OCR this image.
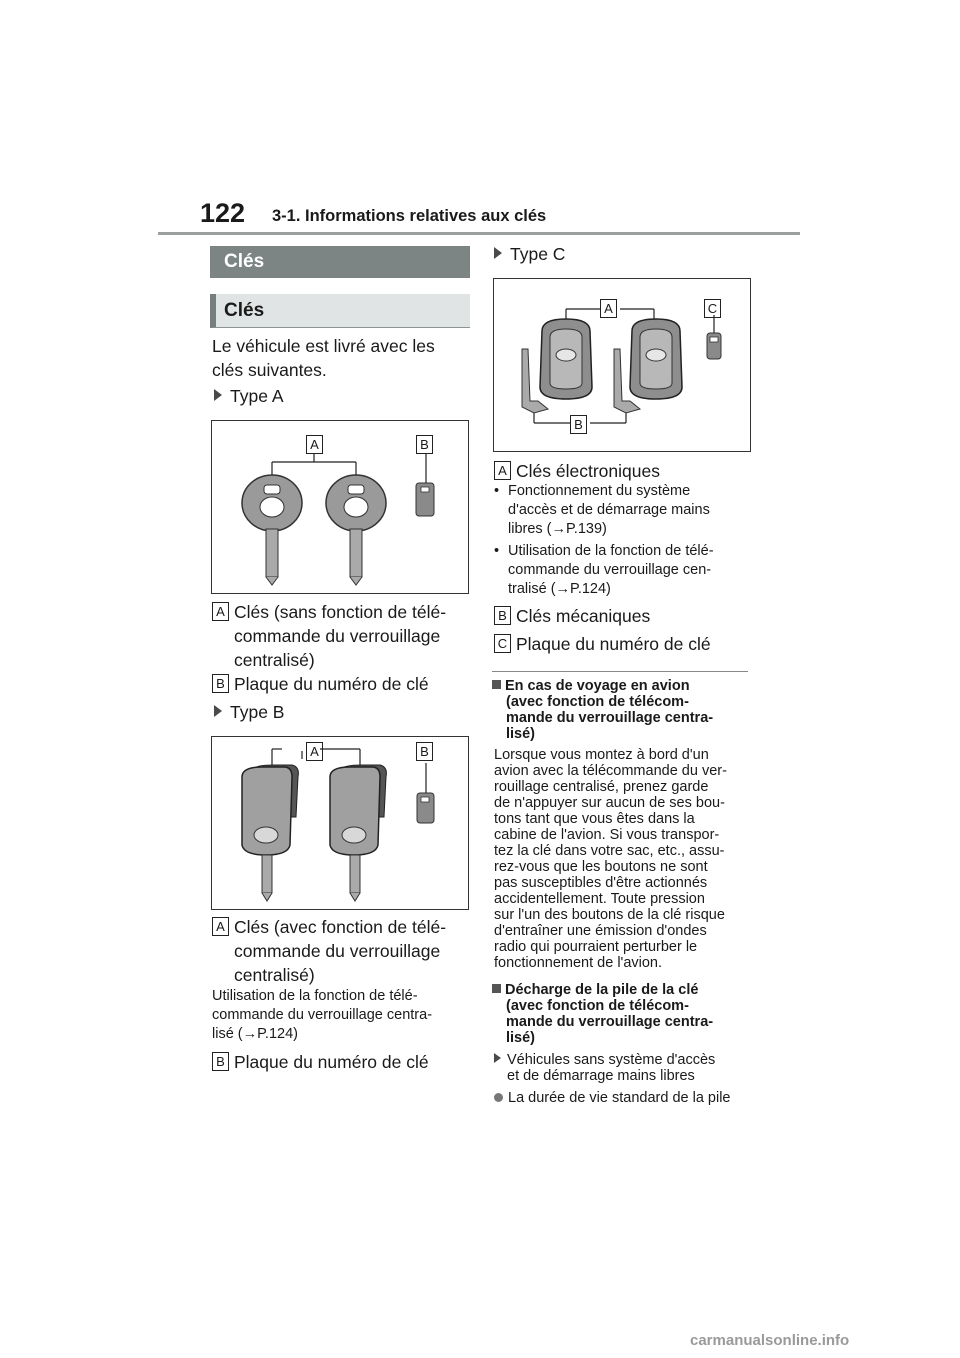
122 3-1. Informations relatives aux clés
Clés
Clés
Le véhicule est livré avec les
clés suivantes.
Type A
A	B
A Clés (sans fonction de télé-
commande du verrouillage
centralisé)
B Plaque du numéro de clé
Type B
A	B
A Clés (avec fonction de télé-
commande du verrouillage
centralisé)
Utilisation de la fonction de télé-
commande du verrouillage centra-
lisé (→P.124)
B Plaque du numéro de clé
Type C
A
B
C
A Clés électroniques
• Fonctionnement du système
d'accès et de démarrage mains
libres (→P.139)
• Utilisation de la fonction de télé-
commande du verrouillage cen-
tralisé (→P.124)
B Clés mécaniques
C Plaque du numéro de clé
En cas de voyage en avion
(avec fonction de télécom-
mande du verrouillage centra-
lisé)
Lorsque vous montez à bord d'un
avion avec la télécommande du ver-
rouillage centralisé, prenez garde
de n'appuyer sur aucun de ses bou-
tons tant que vous êtes dans la
cabine de l'avion. Si vous transpor-
tez la clé dans votre sac, etc., assu-
rez-vous que les boutons ne sont
pas susceptibles d'être actionnés
accidentellement. Toute pression
sur l'un des boutons de la clé risque
d'entraîner une émission d'ondes
radio qui pourraient perturber le
fonctionnement de l'avion.
Décharge de la pile de la clé
(avec fonction de télécom-
mande du verrouillage centra-
lisé)
Véhicules sans système d'accès
et de démarrage mains libres
La durée de vie standard de la pile
carmanualsonline.info
